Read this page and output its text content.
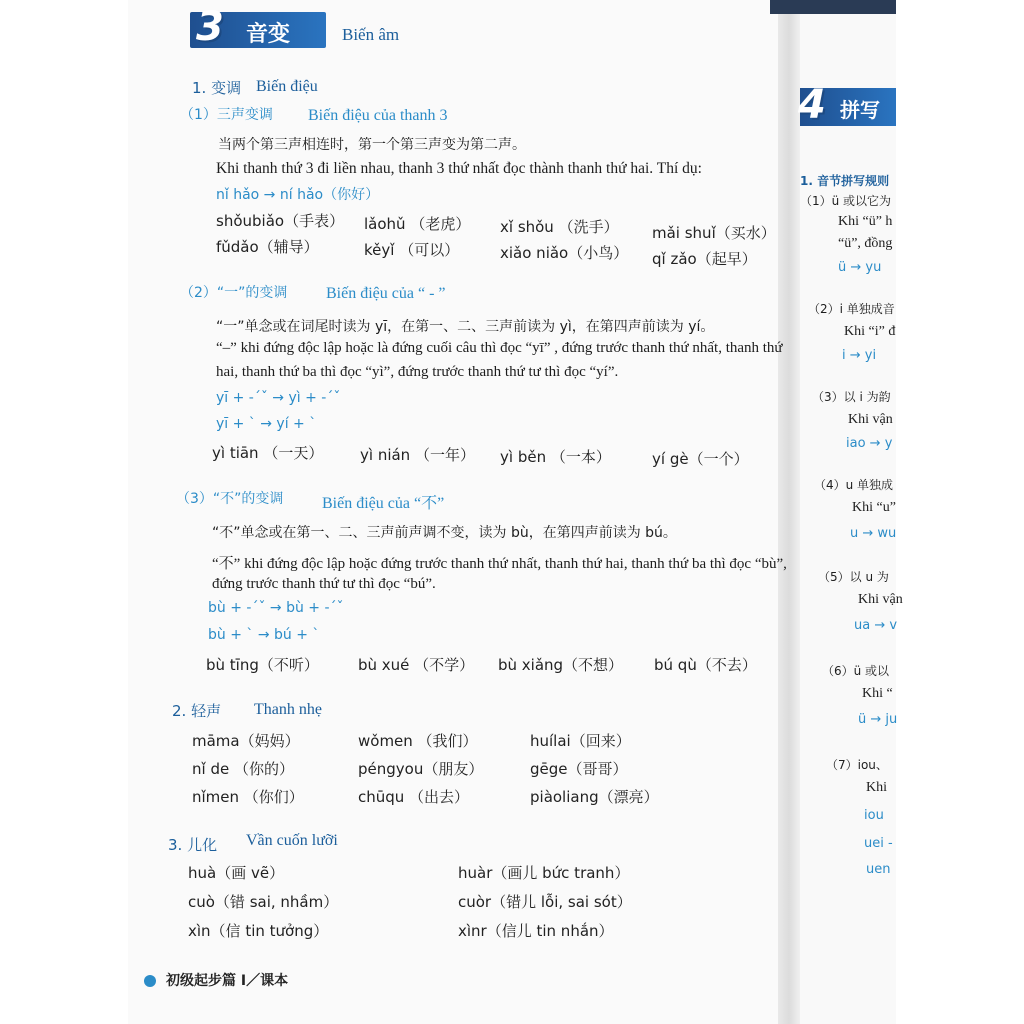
3 音变	Biến âm
1. 变调 Biến điệu
（1）三声变调 Biến điệu của thanh 3
当两个第三声相连时，第一个第三声变为第二声。
Khi thanh thứ 3 đi liền nhau, thanh 3 thứ nhất đọc thành thanh thứ hai. Thí dụ:
nǐ hǎo → ní hǎo（你好）
shǒubiǎo（手表） lǎohǔ （老虎） xǐ shǒu （洗手） mǎi shuǐ（买水）
fǔdǎo（辅导）	kěyǐ （可以）	xiǎo niǎo（小鸟） qǐ zǎo（起早）
（2）“一”的变调 Biến điệu của “ - ”
“一”单念或在词尾时读为 yī，在第一、二、三声前读为 yì，在第四声前读为 yí。
“–” khi đứng độc lập hoặc là đứng cuối câu thì đọc “yī” , đứng trước thanh thứ nhất, thanh thứ
hai, thanh thứ ba thì đọc “yì”, đứng trước thanh thứ tư thì đọc “yí”.
yī + -ˊˇ → yì + -ˊˇ
yī + ˋ → yí + ˋ
yì tiān （一天） yì nián （一年） yì běn （一本）	yí gè（一个）
（3）“不”的变调 Biến điệu của “不”
“不”单念或在第一、二、三声前声调不变，读为 bù，在第四声前读为 bú。
“不” khi đứng độc lập hoặc đứng trước thanh thứ nhất, thanh thứ hai, thanh thứ ba thì đọc “bù”,
đứng trước thanh thứ tư thì đọc “bú”.
bù + -ˊˇ → bù + -ˊˇ
bù + ˋ → bú + ˋ
bù tīng（不听）	bù xué （不学） bù xiǎng（不想） bú qù（不去）
2. 轻声 Thanh nhẹ
māma（妈妈）	wǒmen （我们）	huílai（回来）
nǐ de （你的）	péngyou（朋友）	gēge（哥哥）
nǐmen （你们）	chūqu （出去）	piàoliang（漂亮）
3. 儿化 Vần cuốn lưỡi
huà（画 vẽ）	huàr（画儿 bức tranh）
cuò（错 sai, nhầm）	cuòr（错儿 lỗi, sai sót）
xìn（信 tin tưởng）	xìnr（信儿 tin nhắn）
初级起步篇 Ⅰ／课本
4 拼写
1. 音节拼写规则
（1）ü 或以它为
Khi “ü” h
“ü”, đồng
ü → yu
（2）i 单独成音
Khi “i” đ
i → yi
（3）以 i 为韵
Khi vận
iao → y
（4）u 单独成
Khi “u”
u → wu
（5）以 u 为
Khi vận
ua → v
（6）ü 或以
Khi “
ü → ju
（7）iou、
Khi
iou
uei -
uen
